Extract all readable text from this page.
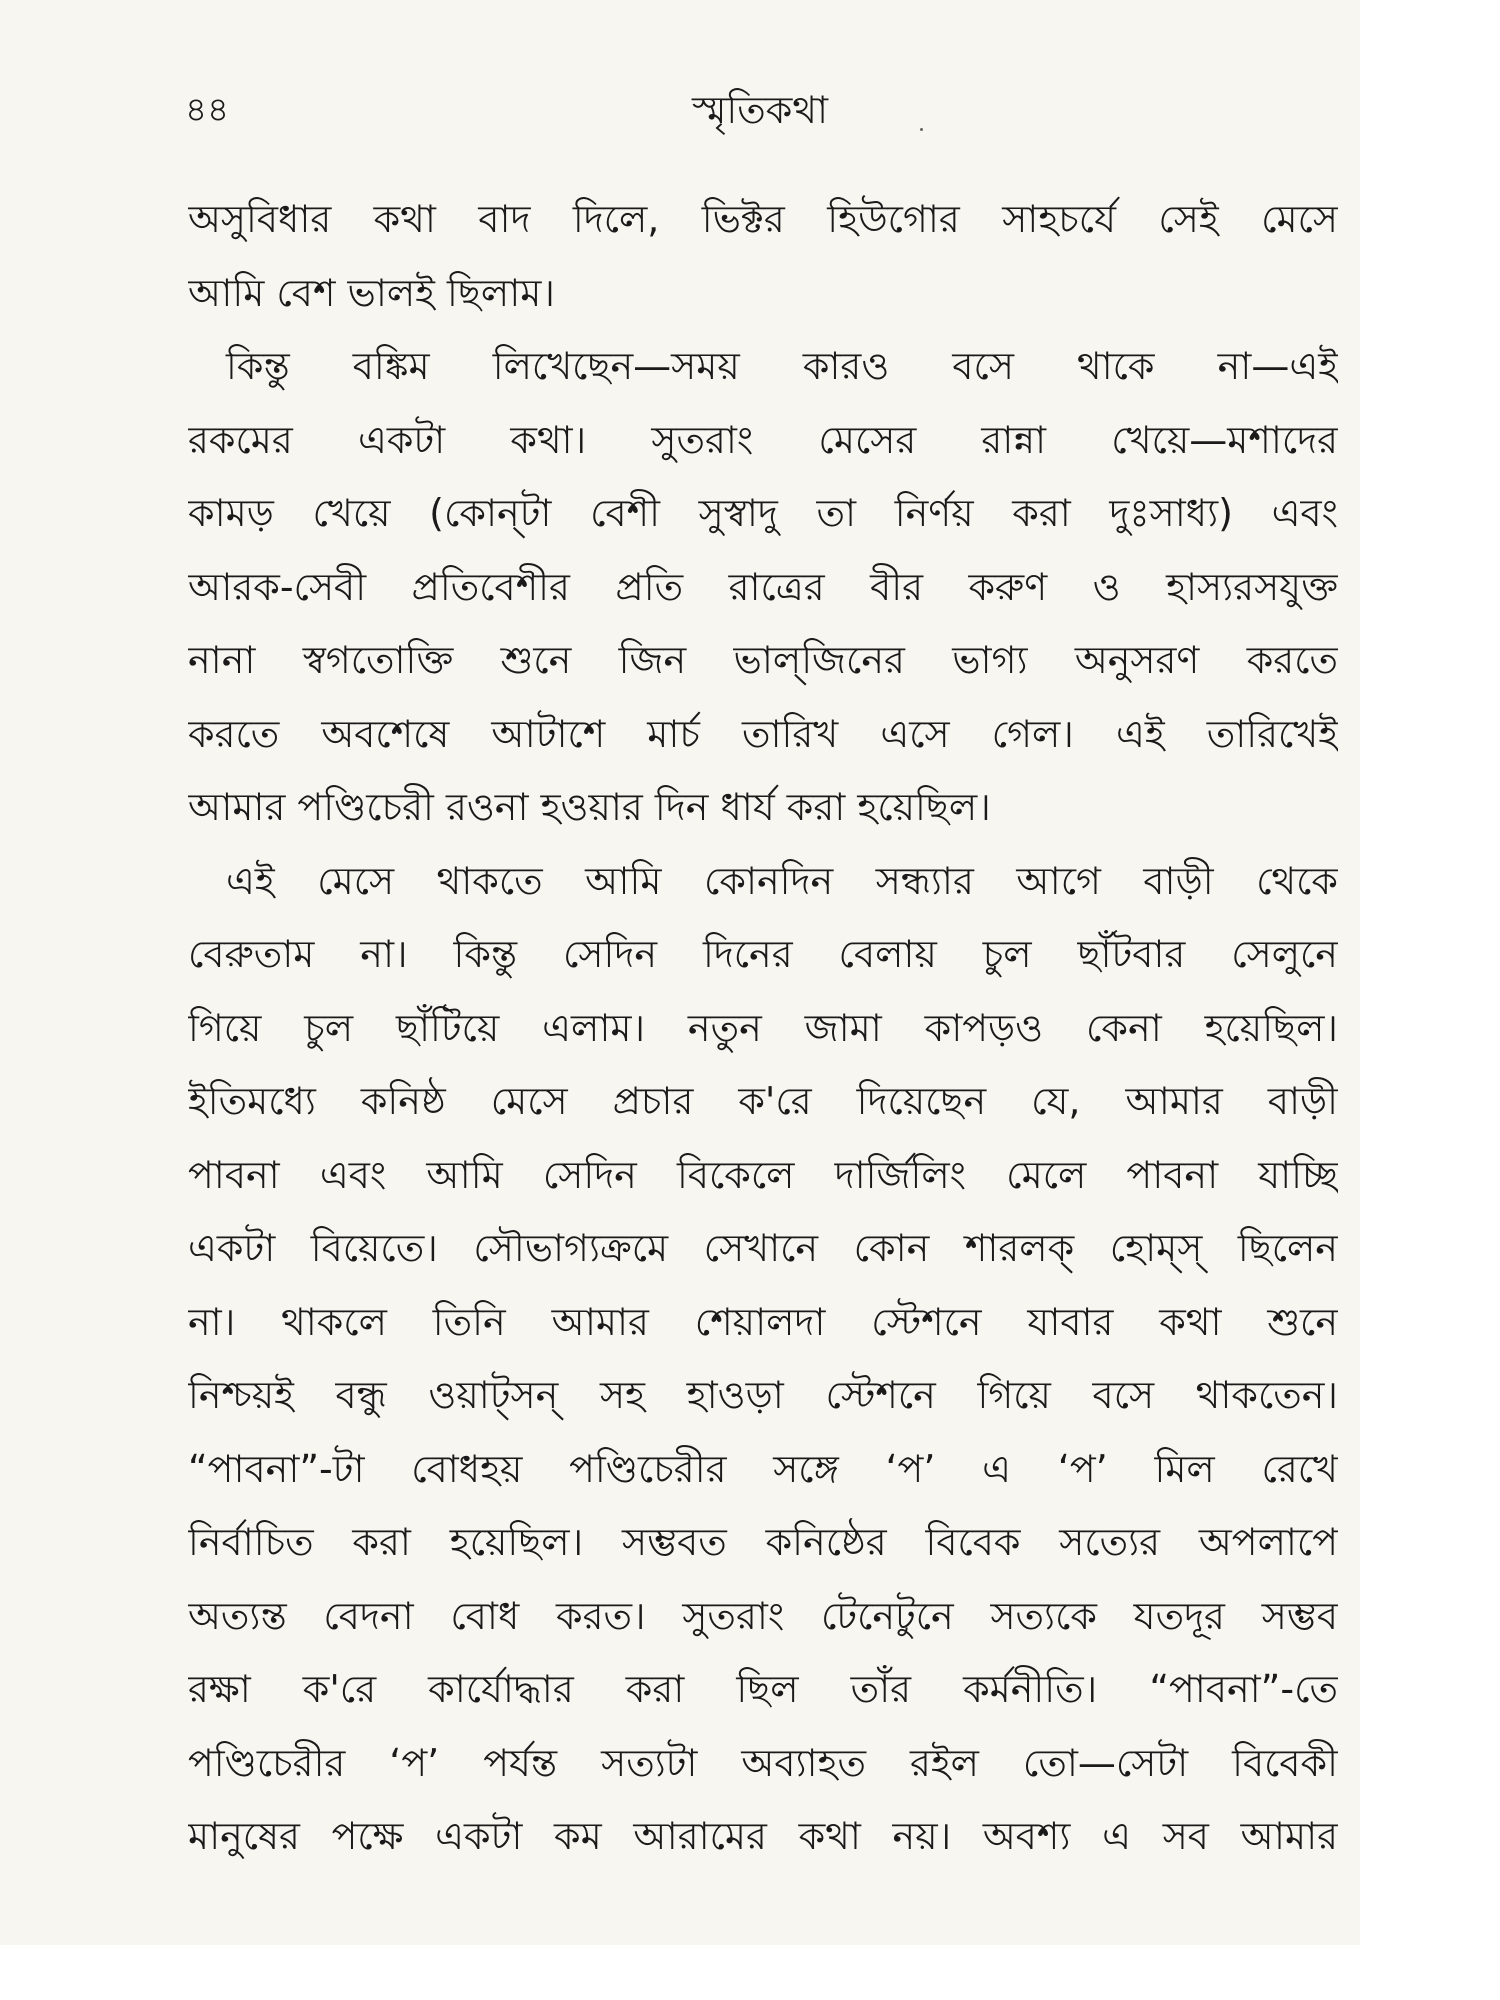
৪৪	স্মৃতিকথা
অসুবিধার কথা বাদ দিলে, ভিক্টর হিউগোর সাহচর্যে সেই মেসে
আমি বেশ ভালই ছিলাম।
কিন্তু বঙ্কিম লিখেছেন—সময় কারও বসে থাকে না—এই
রকমের একটা কথা। সুতরাং মেসের রান্না খেয়ে—মশাদের
কামড় খেয়ে (কোন্‌টা বেশী সুস্বাদু তা নির্ণয় করা দুঃসাধ্য) এবং
আরক-সেবী প্রতিবেশীর প্রতি রাত্রের বীর করুণ ও হাস্যরসযুক্ত
নানা স্বগতোক্তি শুনে জিন ভাল্‌জিনের ভাগ্য অনুসরণ করতে
করতে অবশেষে আটাশে মার্চ তারিখ এসে গেল। এই তারিখেই
আমার পণ্ডিচেরী রওনা হওয়ার দিন ধার্য করা হয়েছিল।
এই মেসে থাকতে আমি কোনদিন সন্ধ্যার আগে বাড়ী থেকে
বেরুতাম না। কিন্তু সেদিন দিনের বেলায় চুল ছাঁটবার সেলুনে
গিয়ে চুল ছাঁটিয়ে এলাম। নতুন জামা কাপড়ও কেনা হয়েছিল।
ইতিমধ্যে কনিষ্ঠ মেসে প্রচার ক'রে দিয়েছেন যে, আমার বাড়ী
পাবনা এবং আমি সেদিন বিকেলে দার্জিলিং মেলে পাবনা যাচ্ছি
একটা বিয়েতে। সৌভাগ্যক্রমে সেখানে কোন শারলক্‌ হোম্‌স্‌ ছিলেন
না। থাকলে তিনি আমার শেয়ালদা স্টেশনে যাবার কথা শুনে
নিশ্চয়ই বন্ধু ওয়াট্‌সন্‌ সহ হাওড়া স্টেশনে গিয়ে বসে থাকতেন।
“পাবনা”-টা বোধহয় পণ্ডিচেরীর সঙ্গে ‘প’ এ ‘প’ মিল রেখে
নির্বাচিত করা হয়েছিল। সম্ভবত কনিষ্ঠের বিবেক সত্যের অপলাপে
অত্যন্ত বেদনা বোধ করত। সুতরাং টেনেটুনে সত্যকে যতদূর সম্ভব
রক্ষা ক'রে কার্যোদ্ধার করা ছিল তাঁর কর্মনীতি। “পাবনা”-তে
পণ্ডিচেরীর ‘প’ পর্যন্ত সত্যটা অব্যাহত রইল তো—সেটা বিবেকী
মানুষের পক্ষে একটা কম আরামের কথা নয়। অবশ্য এ সব আমার
